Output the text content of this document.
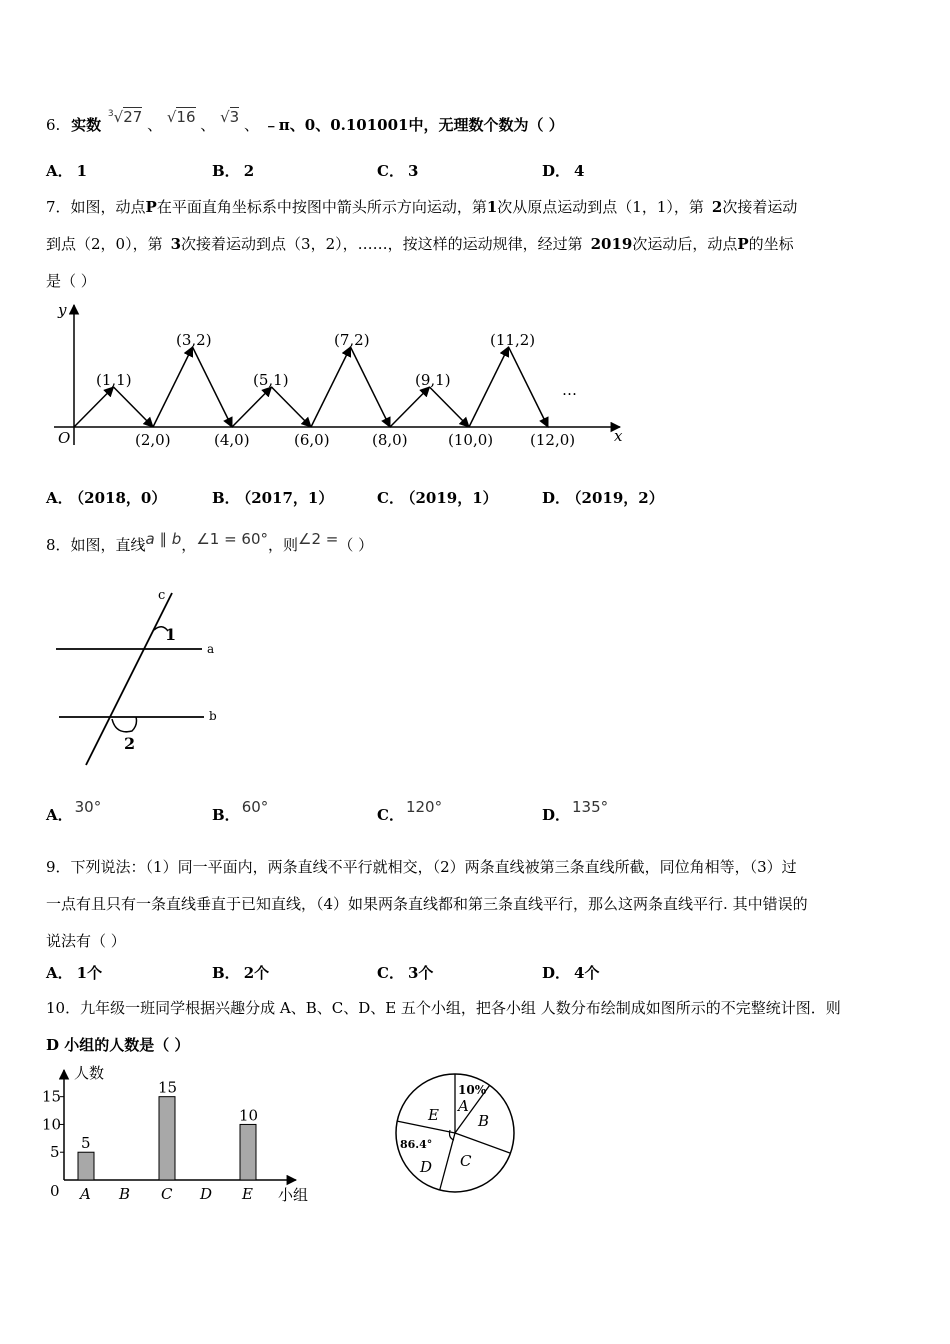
6. 实数 $^3$√27 、 √16 、 √3 、 ﹣π、0、0.101001中，无理数个数为（ ）
A． 1	B． 2	C． 3	D． 4
7．如图，动点P在平面直角坐标系中按图中箭头所示方向运动，第1次从原点运动到点（1，1），第 2次接着运动
到点（2，0），第 3次接着运动到点（3，2），……，按这样的运动规律，经过第 2019次运动后，动点P的坐标
是（ ）
y
x
O
(1,1)
(3,2)
(5,1)
(7,2)
(9,1)
(11,2)
(2,0)	(4,0)	(6,0)	(8,0)	(10,0) (12,0)
…
A． （2018，0）	B． （2017，1）	C． （2019，1）	D． （2019，2）
8．如图，直线a ∥ b，∠1 = 60°，则∠2 =（ ）
c
a
b
1
2
A． 30°	B． 60°	C． 120°	D． 135°
9．下列说法：（1）同一平面内，两条直线不平行就相交，（2）两条直线被第三条直线所截，同位角相等，（3）过
一点有且只有一条直线垂直于已知直线，（4）如果两条直线都和第三条直线平行，那么这两条直线平行. 其中错误的
说法有（ ）
A． 1个	B． 2个	C． 3个	D． 4个
10．九年级一班同学根据兴趣分成 A、B、C、D、E 五个小组，把各小组 人数分布绘制成如图所示的不完整统计图．则
D 小组的人数是（ ）
人数
小组
0
5
10
15
5
A B
15
C D
10
E
10%
A
B
C
D
E
86.4°
